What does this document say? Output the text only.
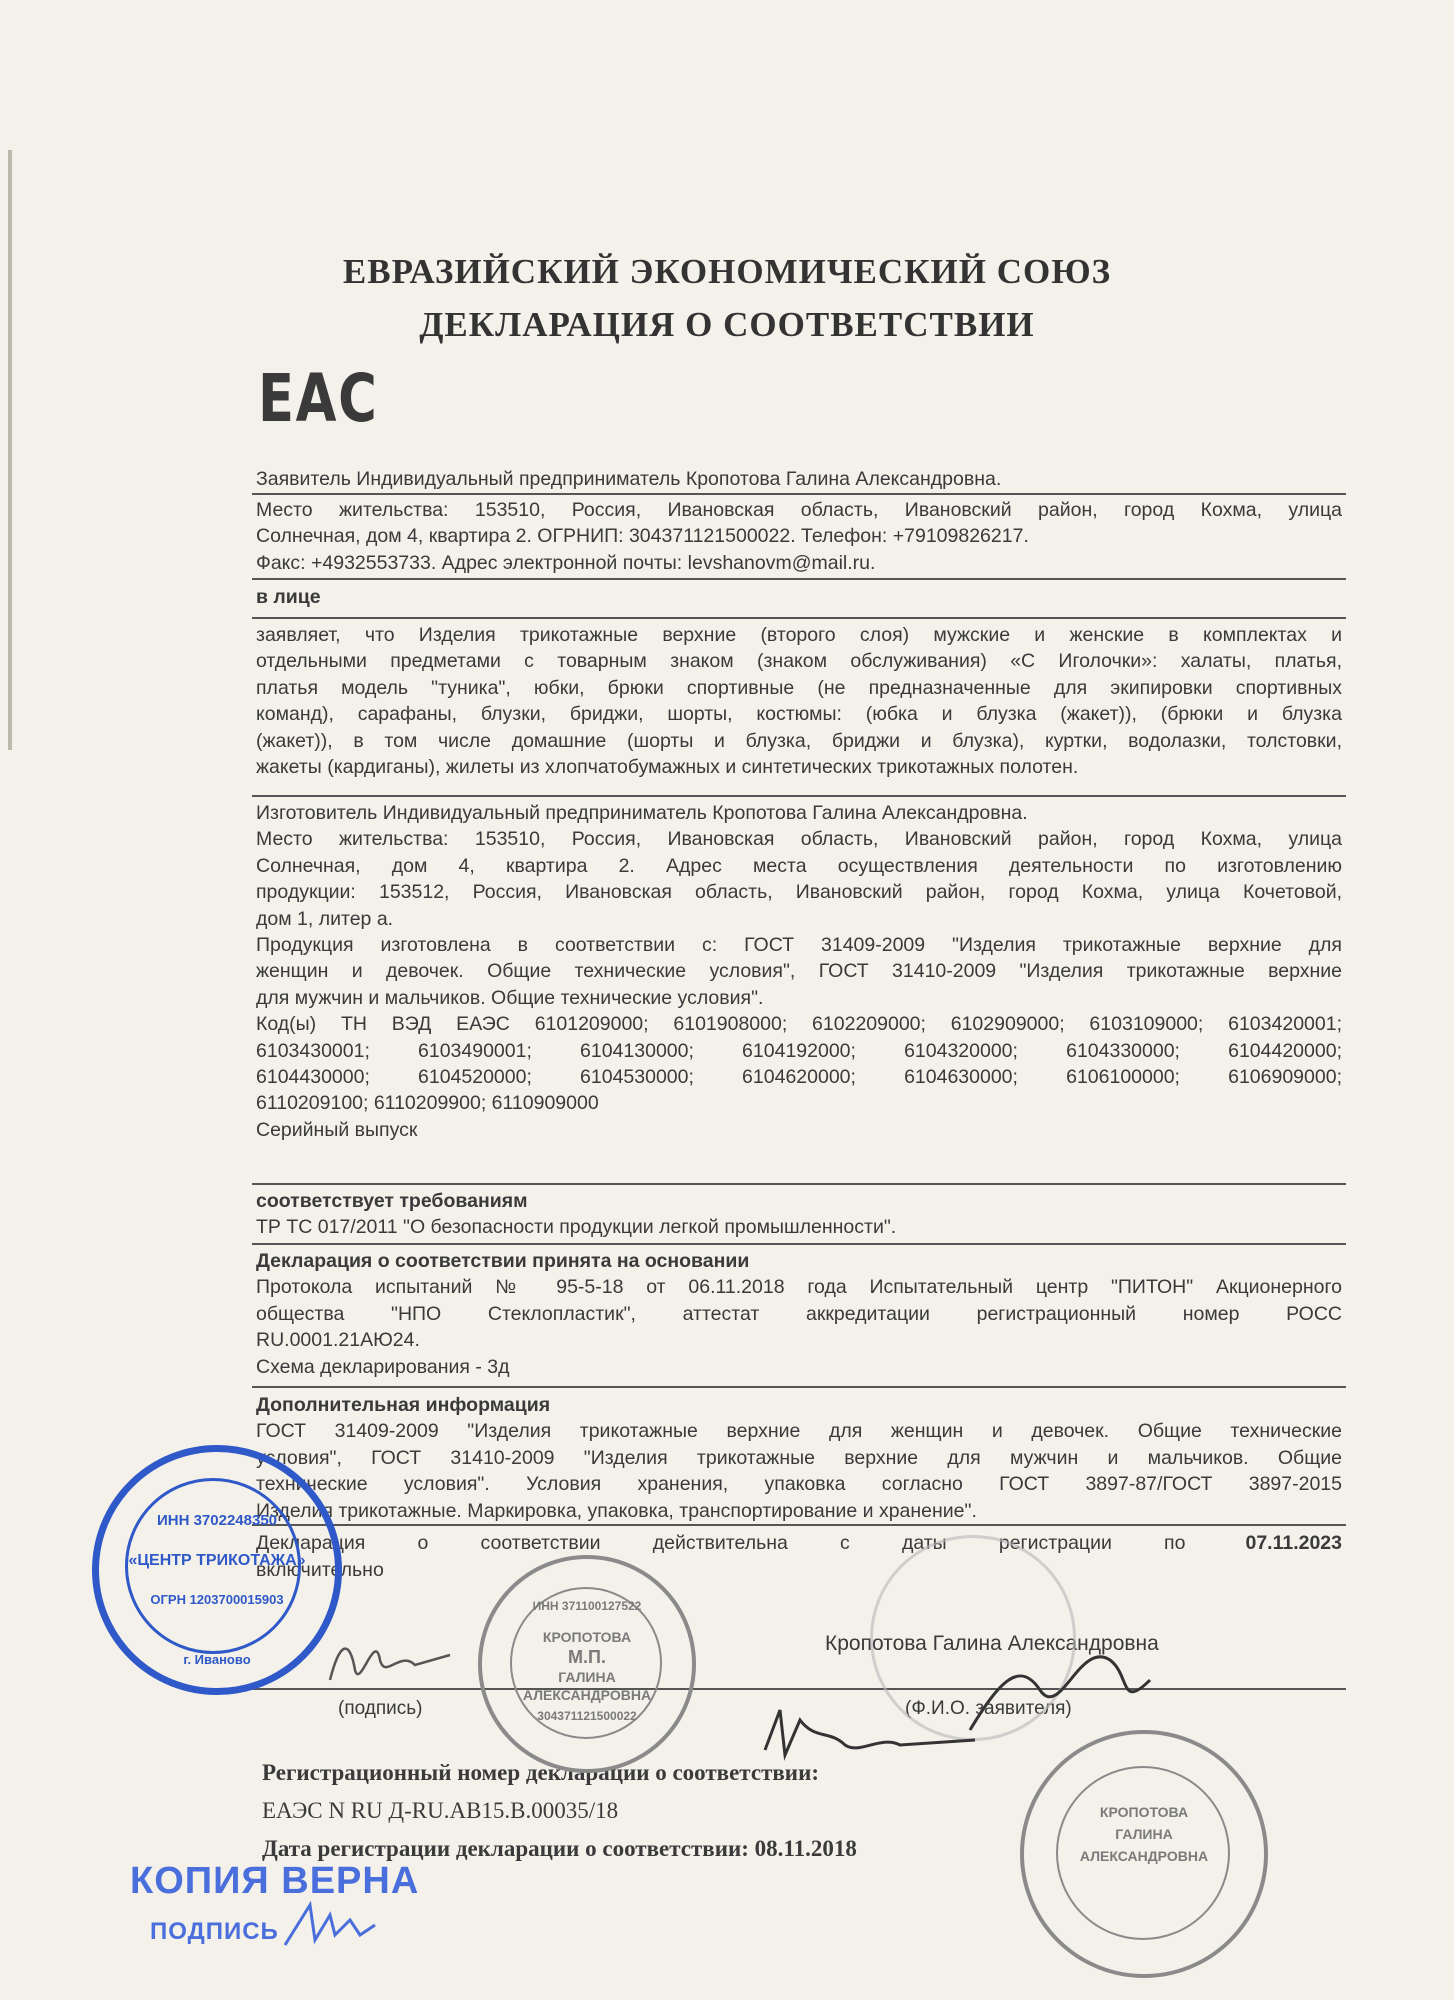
ЕВРАЗИЙСКИЙ ЭКОНОМИЧЕСКИЙ СОЮЗ
ДЕКЛАРАЦИЯ О СООТВЕТСТВИИ
ЕАС
Заявитель Индивидуальный предприниматель Кропотова Галина Александровна.
Место жительства: 153510, Россия, Ивановская область, Ивановский район, город Кохма, улица
Солнечная, дом 4, квартира 2. ОГРНИП: 304371121500022. Телефон: +79109826217.
Факс: +4932553733. Адрес электронной почты: levshanovm@mail.ru.
в лице
заявляет, что Изделия трикотажные верхние (второго слоя) мужские и женские в комплектах и
отдельными предметами с товарным знаком (знаком обслуживания) «С Иголочки»: халаты, платья,
платья модель "туника", юбки, брюки спортивные (не предназначенные для экипировки спортивных
команд), сарафаны, блузки, бриджи, шорты, костюмы: (юбка и блузка (жакет)), (брюки и блузка
(жакет)), в том числе домашние (шорты и блузка, бриджи и блузка), куртки, водолазки, толстовки,
жакеты (кардиганы), жилеты из хлопчатобумажных и синтетических трикотажных полотен.
Изготовитель Индивидуальный предприниматель Кропотова Галина Александровна.
Место жительства: 153510, Россия, Ивановская область, Ивановский район, город Кохма, улица
Солнечная, дом 4, квартира 2. Адрес места осуществления деятельности по изготовлению
продукции: 153512, Россия, Ивановская область, Ивановский район, город Кохма, улица Кочетовой,
дом 1, литер а.
Продукция изготовлена в соответствии с: ГОСТ 31409-2009 "Изделия трикотажные верхние для
женщин и девочек. Общие технические условия", ГОСТ 31410-2009 "Изделия трикотажные верхние
для мужчин и мальчиков. Общие технические условия".
Код(ы) ТН ВЭД ЕАЭС 6101209000; 6101908000; 6102209000; 6102909000; 6103109000; 6103420001;
6103430001; 6103490001; 6104130000; 6104192000; 6104320000; 6104330000; 6104420000;
6104430000; 6104520000; 6104530000; 6104620000; 6104630000; 6106100000; 6106909000;
6110209100; 6110209900; 6110909000
Серийный выпуск
соответствует требованиям
ТР ТС 017/2011 "О безопасности продукции легкой промышленности".
Декларация о соответствии принята на основании
Протокола испытаний № 95-5-18 от 06.11.2018 года Испытательный центр "ПИТОН" Акционерного
общества "НПО Стеклопластик", аттестат аккредитации регистрационный номер РОСС
RU.0001.21АЮ24.
Схема декларирования - 3д
Дополнительная информация
ГОСТ 31409-2009 "Изделия трикотажные верхние для женщин и девочек. Общие технические
условия", ГОСТ 31410-2009 "Изделия трикотажные верхние для мужчин и мальчиков. Общие
технические условия". Условия хранения, упаковка согласно ГОСТ 3897-87/ГОСТ 3897-2015
Изделия трикотажные. Маркировка, упаковка, транспортирование и хранение".
Декларация о соответствии действительна с даты регистрации по	07.11.2023
включительно
Кропотова Галина Александровна
(подпись)	(Ф.И.О. заявителя)
Регистрационный номер декларации о соответствии:
ЕАЭС N RU Д-RU.АВ15.В.00035/18
Дата регистрации декларации о соответствии: 08.11.2018
КОПИЯ ВЕРНА
ПОДПИСЬ
ИНН 3702248350
«ЦЕНТР ТРИКОТАЖА»
ОГРН 1203700015903
г. Иваново
ИНН 371100127522
КРОПОТОВА
М.П.
ГАЛИНА
АЛЕКСАНДРОВНА
304371121500022
КРОПОТОВА
ГАЛИНА
АЛЕКСАНДРОВНА
